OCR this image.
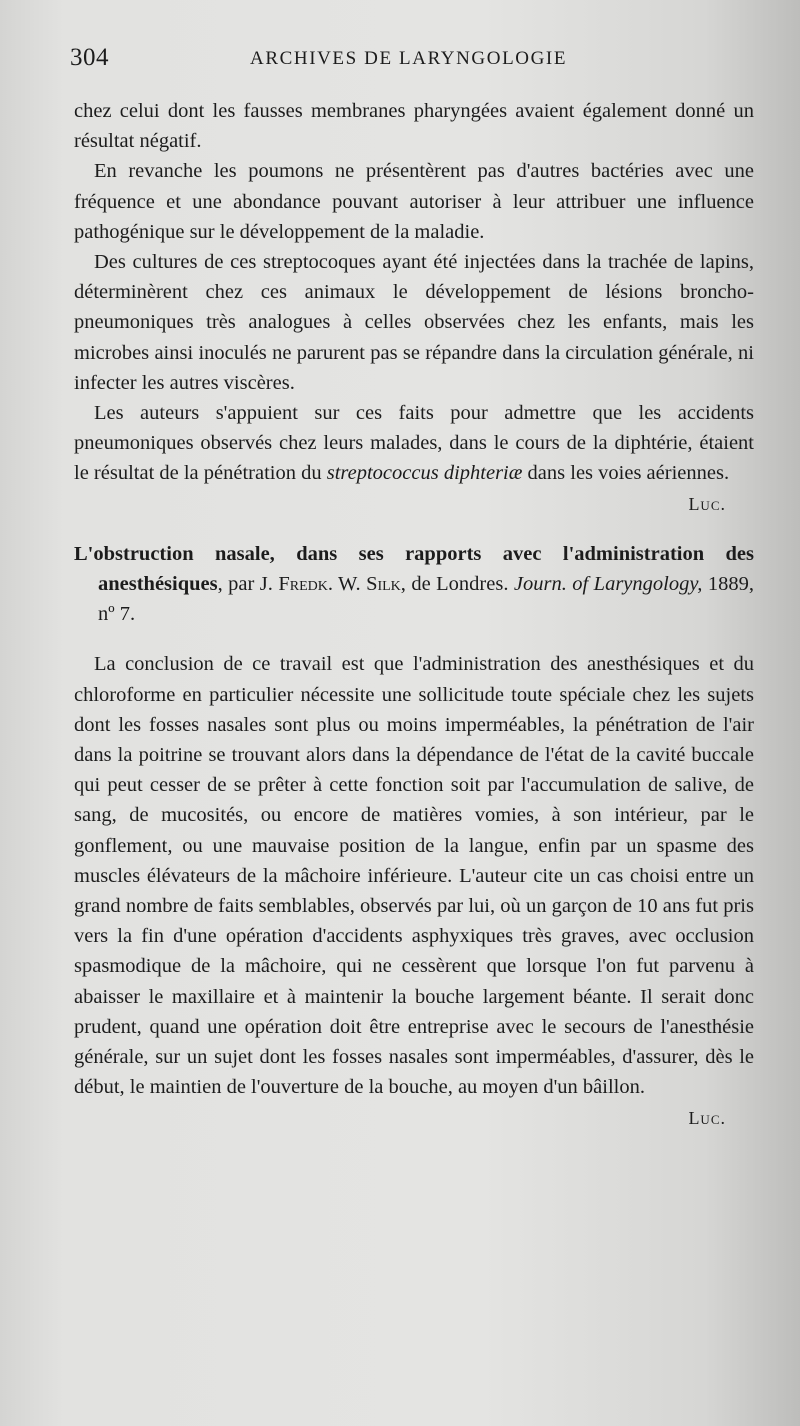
304	ARCHIVES DE LARYNGOLOGIE

chez celui dont les fausses membranes pharyngées avaient également donné un résultat négatif.

En revanche les poumons ne présentèrent pas d'autres bactéries avec une fréquence et une abondance pouvant autoriser à leur attribuer une influence pathogénique sur le développement de la maladie.

Des cultures de ces streptocoques ayant été injectées dans la trachée de lapins, déterminèrent chez ces animaux le développement de lésions broncho-pneumoniques très analogues à celles observées chez les enfants, mais les microbes ainsi inoculés ne parurent pas se répandre dans la circulation générale, ni infecter les autres viscères.

Les auteurs s'appuient sur ces faits pour admettre que les accidents pneumoniques observés chez leurs malades, dans le cours de la diphtérie, étaient le résultat de la pénétration du streptococcus diphteriæ dans les voies aériennes.

Luc.

L'obstruction nasale, dans ses rapports avec l'administration des anesthésiques, par J. Fredk. W. Silk, de Londres. Journ. of Laryngology, 1889, nº 7.

La conclusion de ce travail est que l'administration des anesthésiques et du chloroforme en particulier nécessite une sollicitude toute spéciale chez les sujets dont les fosses nasales sont plus ou moins imperméables, la pénétration de l'air dans la poitrine se trouvant alors dans la dépendance de l'état de la cavité buccale qui peut cesser de se prêter à cette fonction soit par l'accumulation de salive, de sang, de mucosités, ou encore de matières vomies, à son intérieur, par le gonflement, ou une mauvaise position de la langue, enfin par un spasme des muscles élévateurs de la mâchoire inférieure. L'auteur cite un cas choisi entre un grand nombre de faits semblables, observés par lui, où un garçon de 10 ans fut pris vers la fin d'une opération d'accidents asphyxiques très graves, avec occlusion spasmodique de la mâchoire, qui ne cessèrent que lorsque l'on fut parvenu à abaisser le maxillaire et à maintenir la bouche largement béante. Il serait donc prudent, quand une opération doit être entreprise avec le secours de l'anesthésie générale, sur un sujet dont les fosses nasales sont imperméables, d'assurer, dès le début, le maintien de l'ouverture de la bouche, au moyen d'un bâillon.

Luc.
